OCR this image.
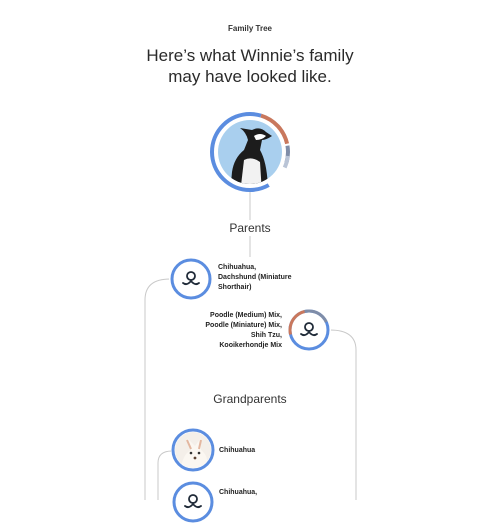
Family Tree
Here’s what Winnie’s family
may have looked like.
Parents
Chihuahua,
Dachshund (Miniature
Shorthair)
Poodle (Medium) Mix,
Poodle (Miniature) Mix,
Shih Tzu,
Kooikerhondje Mix
Grandparents
Chihuahua
Chihuahua,
